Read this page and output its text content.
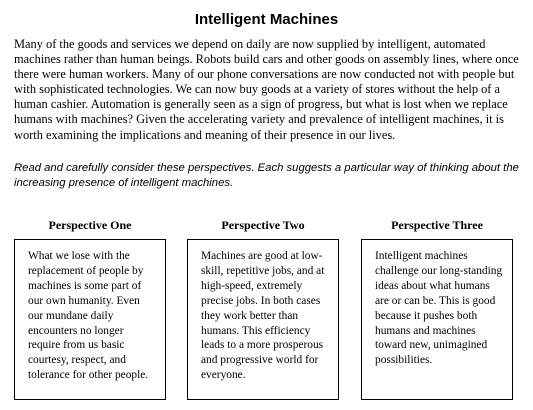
Intelligent Machines

Many of the goods and services we depend on daily are now supplied by intelligent, automated machines rather than human beings. Robots build cars and other goods on assembly lines, where once there were human workers. Many of our phone conversations are now conducted not with people but with sophisticated technologies. We can now buy goods at a variety of stores without the help of a human cashier. Automation is generally seen as a sign of progress, but what is lost when we replace humans with machines? Given the accelerating variety and prevalence of intelligent machines, it is worth examining the implications and meaning of their presence in our lives.

Read and carefully consider these perspectives. Each suggests a particular way of thinking about the increasing presence of intelligent machines.

Perspective One
What we lose with the replacement of people by machines is some part of our own humanity. Even our mundane daily encounters no longer require from us basic courtesy, respect, and tolerance for other people.
Perspective Two
Machines are good at low-skill, repetitive jobs, and at high-speed, extremely precise jobs. In both cases they work better than humans. This efficiency leads to a more prosperous and progressive world for everyone.
Perspective Three
Intelligent machines challenge our long-standing ideas about what humans are or can be. This is good because it pushes both humans and machines toward new, unimagined possibilities.
